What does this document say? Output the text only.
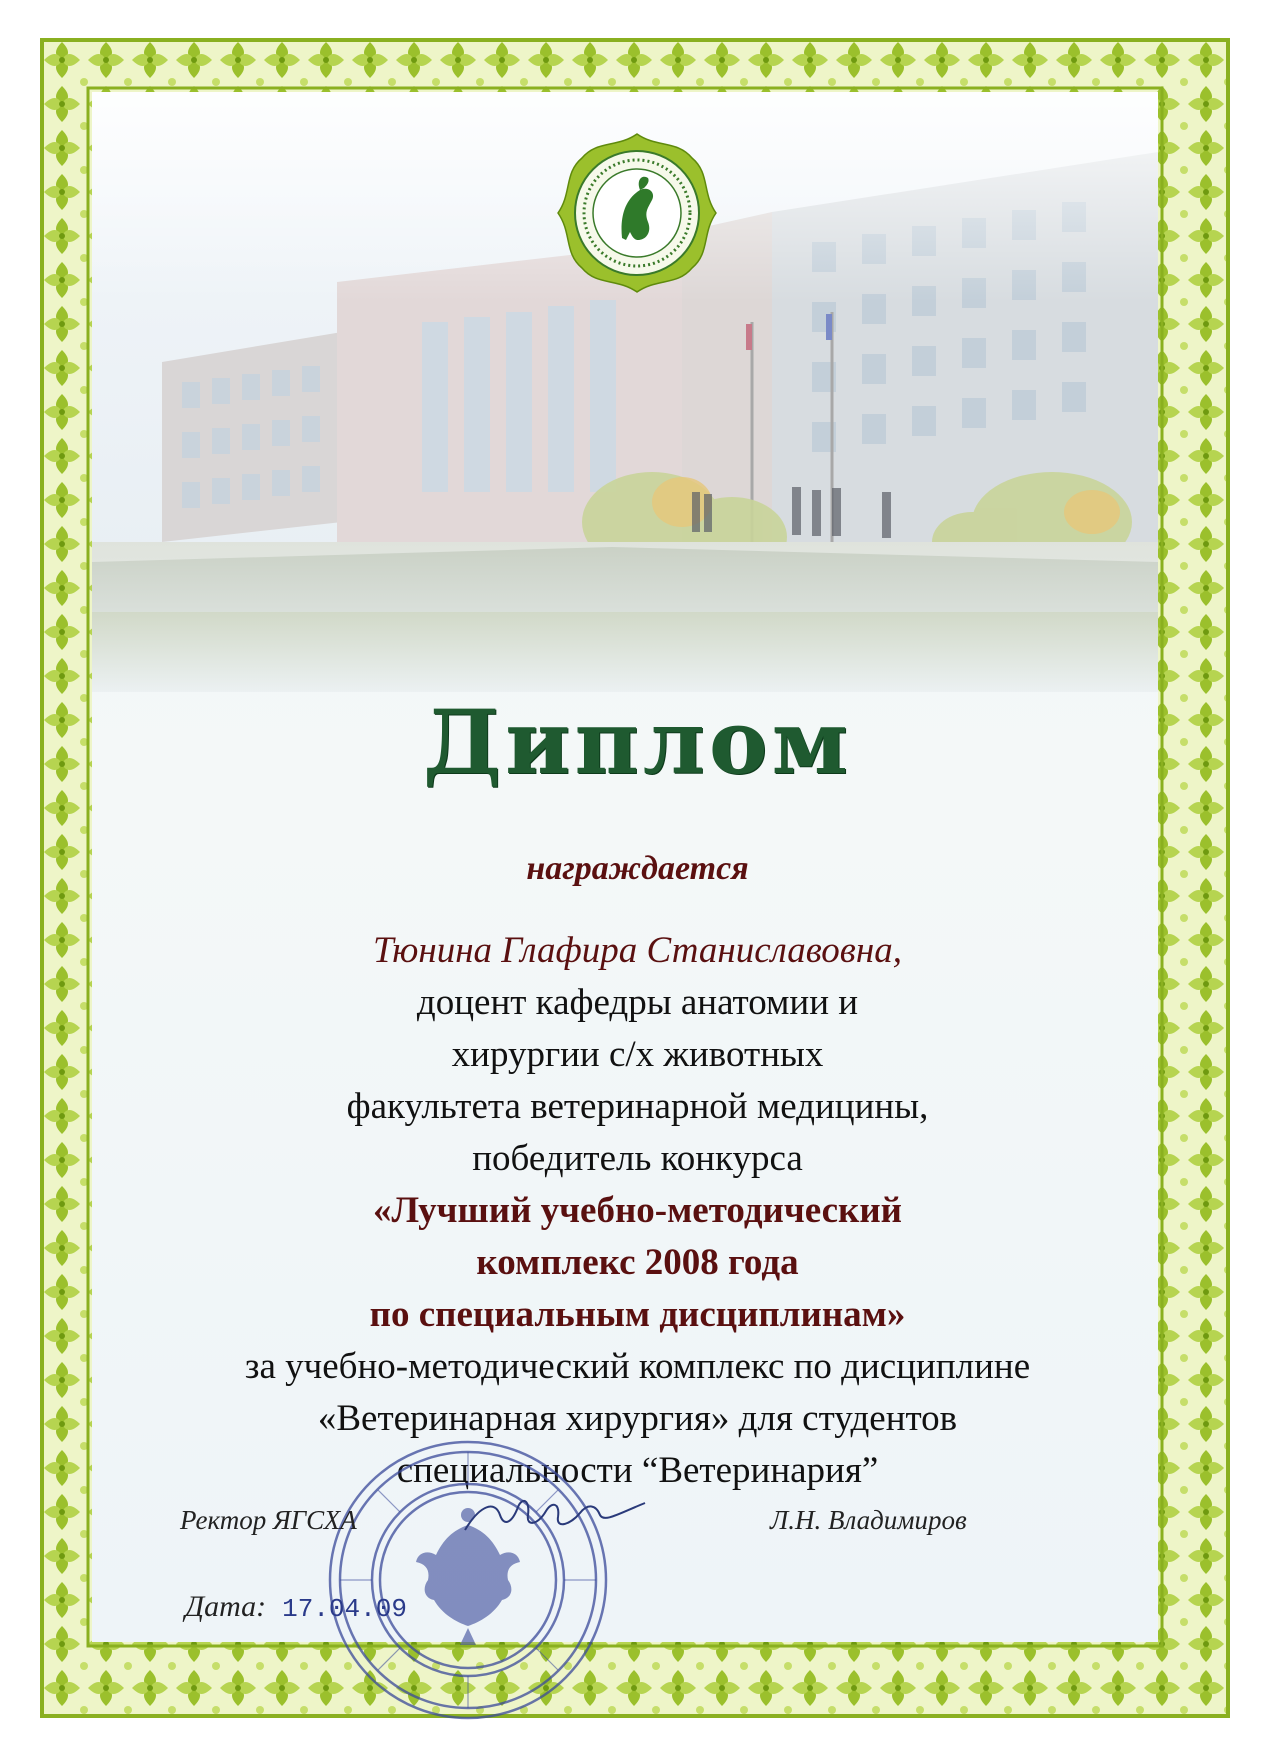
Диплом
награждается
Тюнина Глафира Станиславовна,
доцент кафедры анатомии и
хирургии с/х животных
факультета ветеринарной медицины,
победитель конкурса
«Лучший учебно-методический
комплекс 2008 года
по специальным дисциплинам»
за учебно-методический комплекс по дисциплине
«Ветеринарная хирургия» для студентов
специальности “Ветеринария”
Ректор ЯГСХА	Л.Н. Владимиров
Дата: 17.04.09
